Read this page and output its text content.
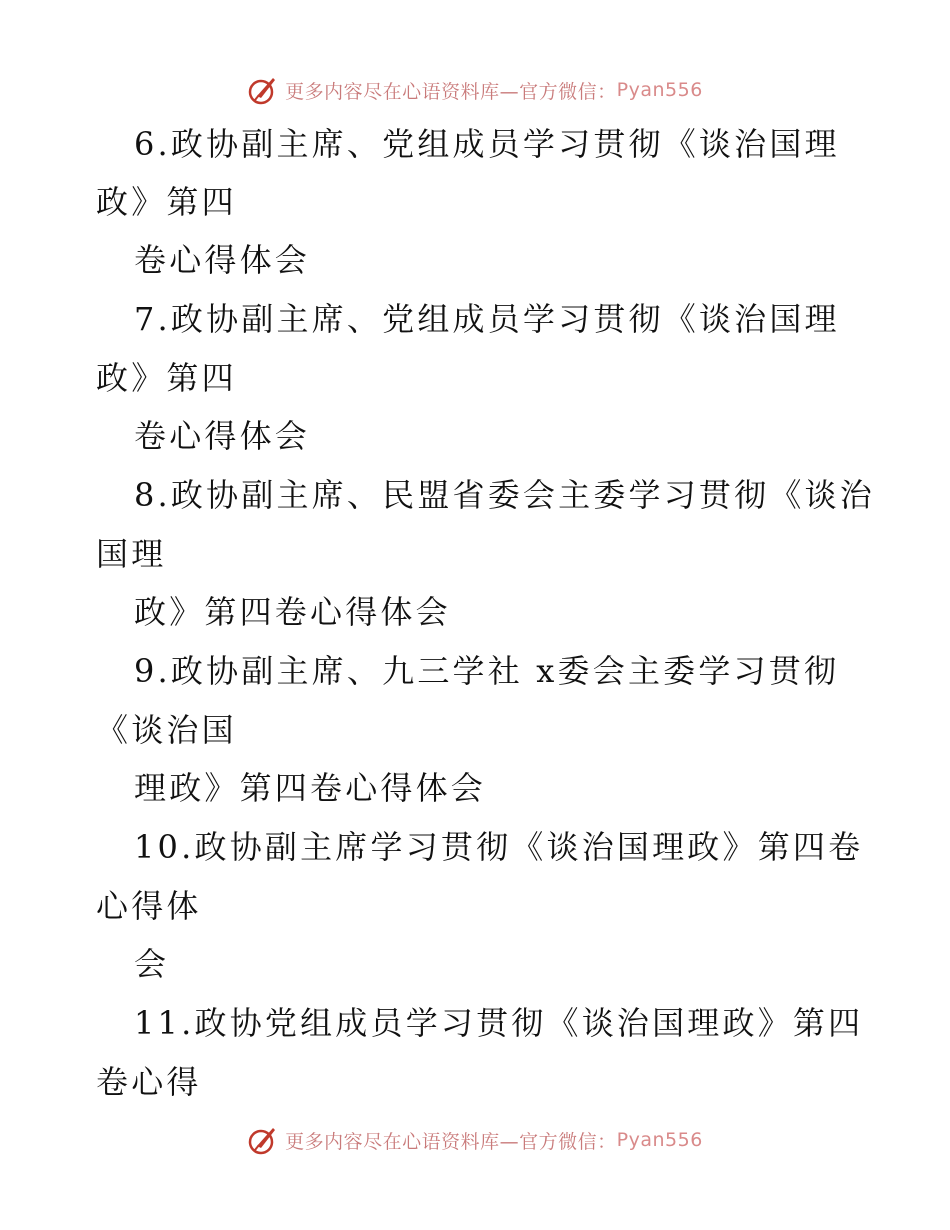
更多内容尽在心语资料库—官方微信： Pyan556
6.政协副主席、党组成员学习贯彻《谈治国理
政》第四
卷心得体会
7.政协副主席、党组成员学习贯彻《谈治国理
政》第四
卷心得体会
8.政协副主席、民盟省委会主委学习贯彻《谈治
国理
政》第四卷心得体会
9.政协副主席、九三学社 x委会主委学习贯彻
《谈治国
理政》第四卷心得体会
10.政协副主席学习贯彻《谈治国理政》第四卷
心得体
会
11.政协党组成员学习贯彻《谈治国理政》第四
卷心得
更多内容尽在心语资料库—官方微信： Pyan556
